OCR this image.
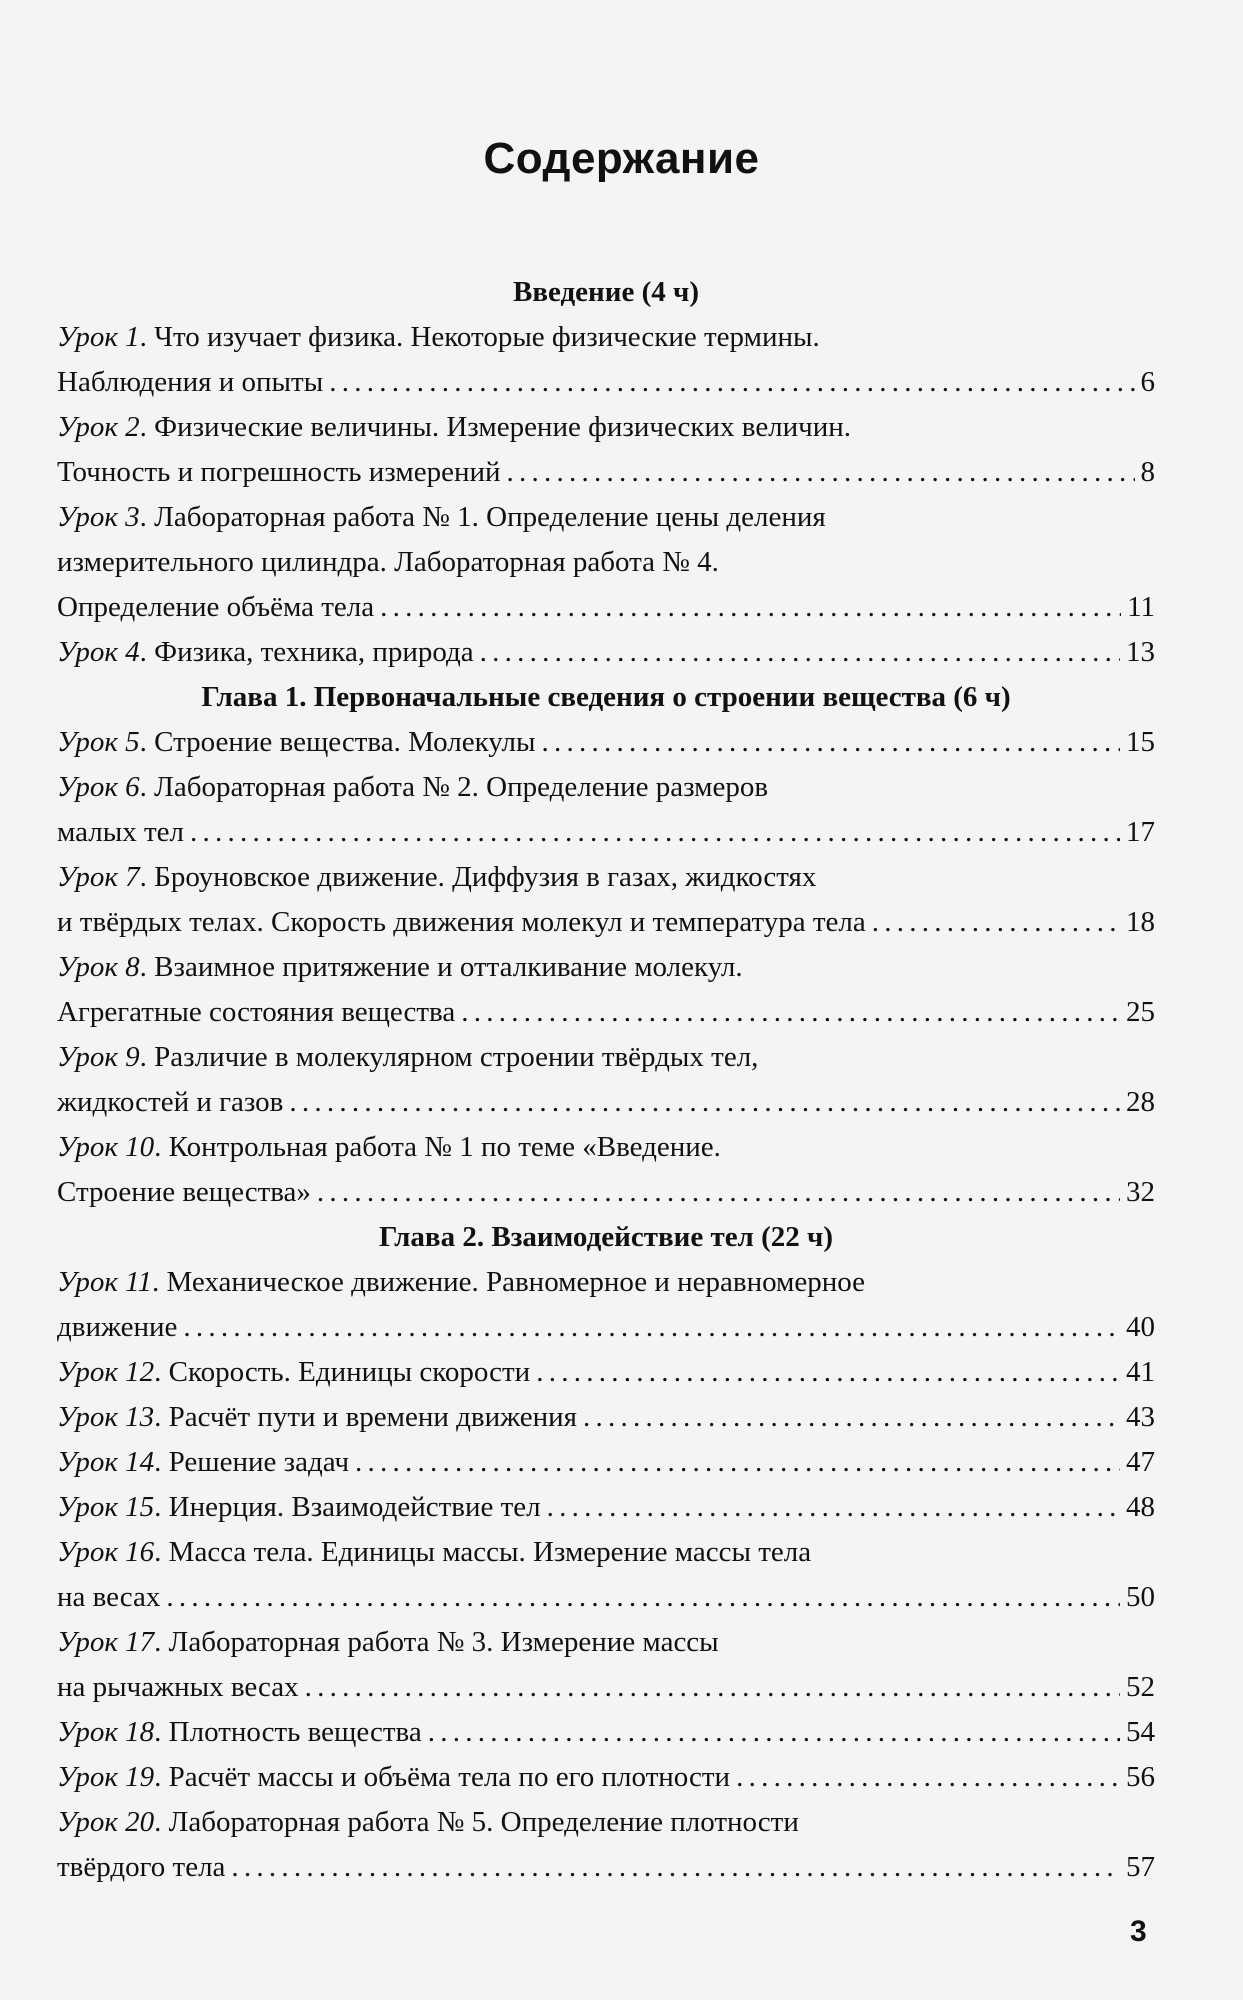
Содержание
Введение (4 ч)
Урок 1. Что изучает физика. Некоторые физические термины.
Наблюдения и опыты . . .	6
Урок 2. Физические величины. Измерение физических величин.
Точность и погрешность измерений . . .	8
Урок 3. Лабораторная работа № 1. Определение цены деления
измерительного цилиндра. Лабораторная работа № 4.
Определение объёма тела . . .	11
Урок 4. Физика, техника, природа . . .	13
Глава 1. Первоначальные сведения о строении вещества (6 ч)
Урок 5. Строение вещества. Молекулы . . .	15
Урок 6. Лабораторная работа № 2. Определение размеров
малых тел . . .	17
Урок 7. Броуновское движение. Диффузия в газах, жидкостях
и твёрдых телах. Скорость движения молекул и температура тела . . .	18
Урок 8. Взаимное притяжение и отталкивание молекул.
Агрегатные состояния вещества . . .	25
Урок 9. Различие в молекулярном строении твёрдых тел,
жидкостей и газов . . .	28
Урок 10. Контрольная работа № 1 по теме «Введение.
Строение вещества» . . .	32
Глава 2. Взаимодействие тел (22 ч)
Урок 11. Механическое движение. Равномерное и неравномерное
движение . . .	40
Урок 12. Скорость. Единицы скорости . . .	41
Урок 13. Расчёт пути и времени движения . . .	43
Урок 14. Решение задач . . .	47
Урок 15. Инерция. Взаимодействие тел . . .	48
Урок 16. Масса тела. Единицы массы. Измерение массы тела
на весах . . .	50
Урок 17. Лабораторная работа № 3. Измерение массы
на рычажных весах . . .	52
Урок 18. Плотность вещества . . .	54
Урок 19. Расчёт массы и объёма тела по его плотности . . .	56
Урок 20. Лабораторная работа № 5. Определение плотности
твёрдого тела . . .	57
3
